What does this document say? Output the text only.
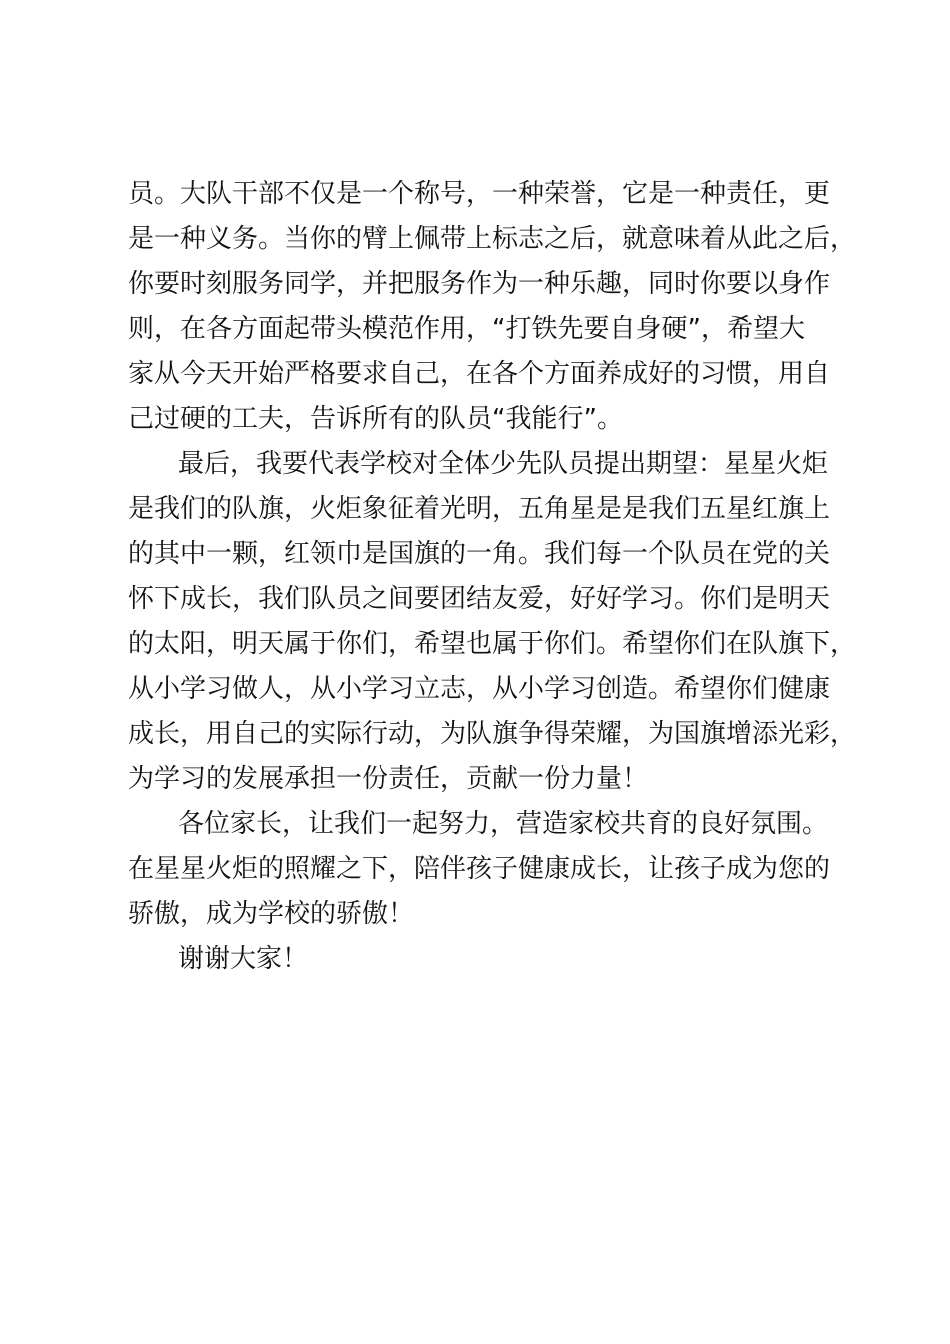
员。大队干部不仅是一个称号，一种荣誉，它是一种责任，更
是一种义务。当你的臂上佩带上标志之后，就意味着从此之后，
你要时刻服务同学，并把服务作为一种乐趣，同时你要以身作
则，在各方面起带头模范作用，“打铁先要自身硬”，希望大
家从今天开始严格要求自己，在各个方面养成好的习惯，用自
己过硬的工夫，告诉所有的队员“我能行”。
最后，我要代表学校对全体少先队员提出期望：星星火炬
是我们的队旗，火炬象征着光明，五角星是是我们五星红旗上
的其中一颗，红领巾是国旗的一角。我们每一个队员在党的关
怀下成长，我们队员之间要团结友爱，好好学习。你们是明天
的太阳，明天属于你们，希望也属于你们。希望你们在队旗下，
从小学习做人，从小学习立志，从小学习创造。希望你们健康
成长，用自己的实际行动，为队旗争得荣耀，为国旗增添光彩，
为学习的发展承担一份责任，贡献一份力量！
各位家长，让我们一起努力，营造家校共育的良好氛围。
在星星火炬的照耀之下，陪伴孩子健康成长，让孩子成为您的
骄傲，成为学校的骄傲！
谢谢大家！
